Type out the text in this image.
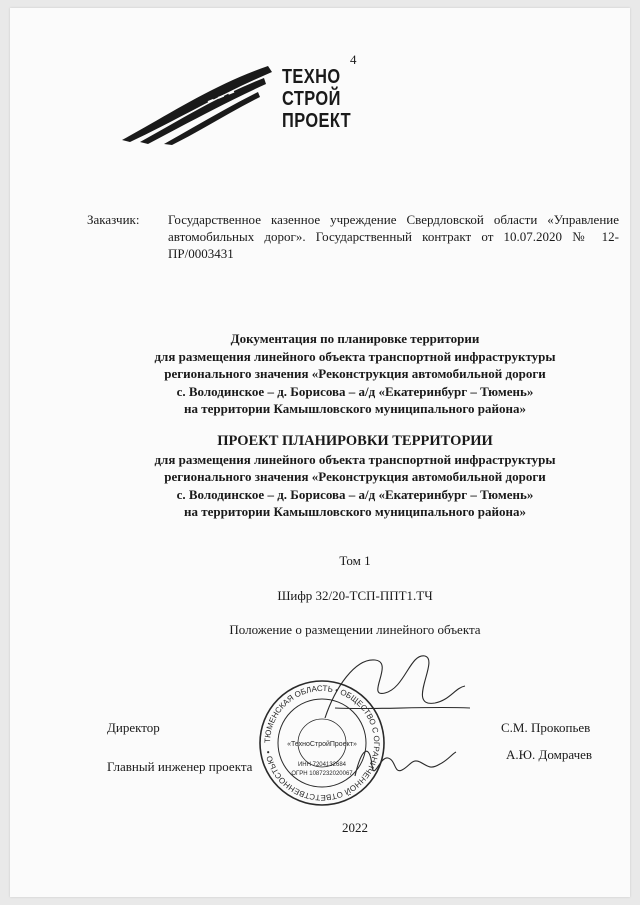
4
ТЕХНО
СТРОЙ
ПРОЕКТ
Заказчик: Государственное казенное учреждение Свердловской области «Управление автомобильных дорог». Государственный контракт от 10.07.2020 № 12-ПР/0003431
Документация по планировке территории
для размещения линейного объекта транспортной инфраструктуры
регионального значения «Реконструкция автомобильной дороги
с. Володинское – д. Борисова – а/д «Екатеринбург – Тюмень»
на территории Камышловского муниципального района»
ПРОЕКТ ПЛАНИРОВКИ ТЕРРИТОРИИ
для размещения линейного объекта транспортной инфраструктуры
регионального значения «Реконструкция автомобильной дороги
с. Володинское – д. Борисова – а/д «Екатеринбург – Тюмень»
на территории Камышловского муниципального района»
Том 1
Шифр 32/20-ТСП-ППТ1.ТЧ
Положение о размещении линейного объекта
ТЮМЕНСКАЯ ОБЛАСТЬ • ОБЩЕСТВО С ОГРАНИЧЕННОЙ ОТВЕТСТВЕННОСТЬЮ •
«ТехноСтройПроект»
ИНН 7204132684
ОГРН 1087232020067
Директор	С.М. Прокопьев
Главный инженер проекта
А.Ю. Домрачев
2022
